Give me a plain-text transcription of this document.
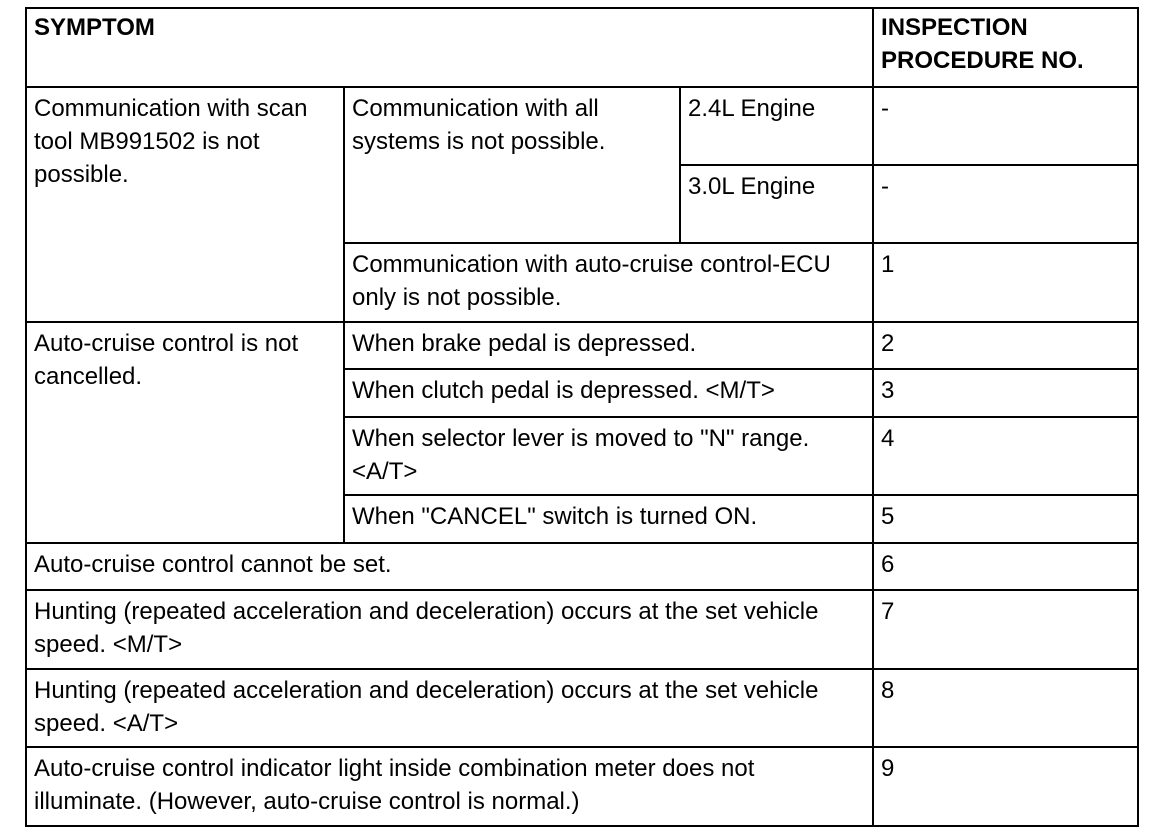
SYMPTOM			INSPECTION PROCEDURE NO.
Communication with scan tool MB991502 is not possible.	Communication with all systems is not possible.	2.4L Engine	-
		3.0L Engine	-
	Communication with auto-cruise control-ECU only is not possible.		1
Auto-cruise control is not cancelled.	When brake pedal is depressed.		2
	When clutch pedal is depressed. <M/T>		3
	When selector lever is moved to "N" range. <A/T>		4
	When "CANCEL" switch is turned ON.		5
Auto-cruise control cannot be set.			6
Hunting (repeated acceleration and deceleration) occurs at the set vehicle speed. <M/T>			7
Hunting (repeated acceleration and deceleration) occurs at the set vehicle speed. <A/T>			8
Auto-cruise control indicator light inside combination meter does not illuminate. (However, auto-cruise control is normal.)			9
